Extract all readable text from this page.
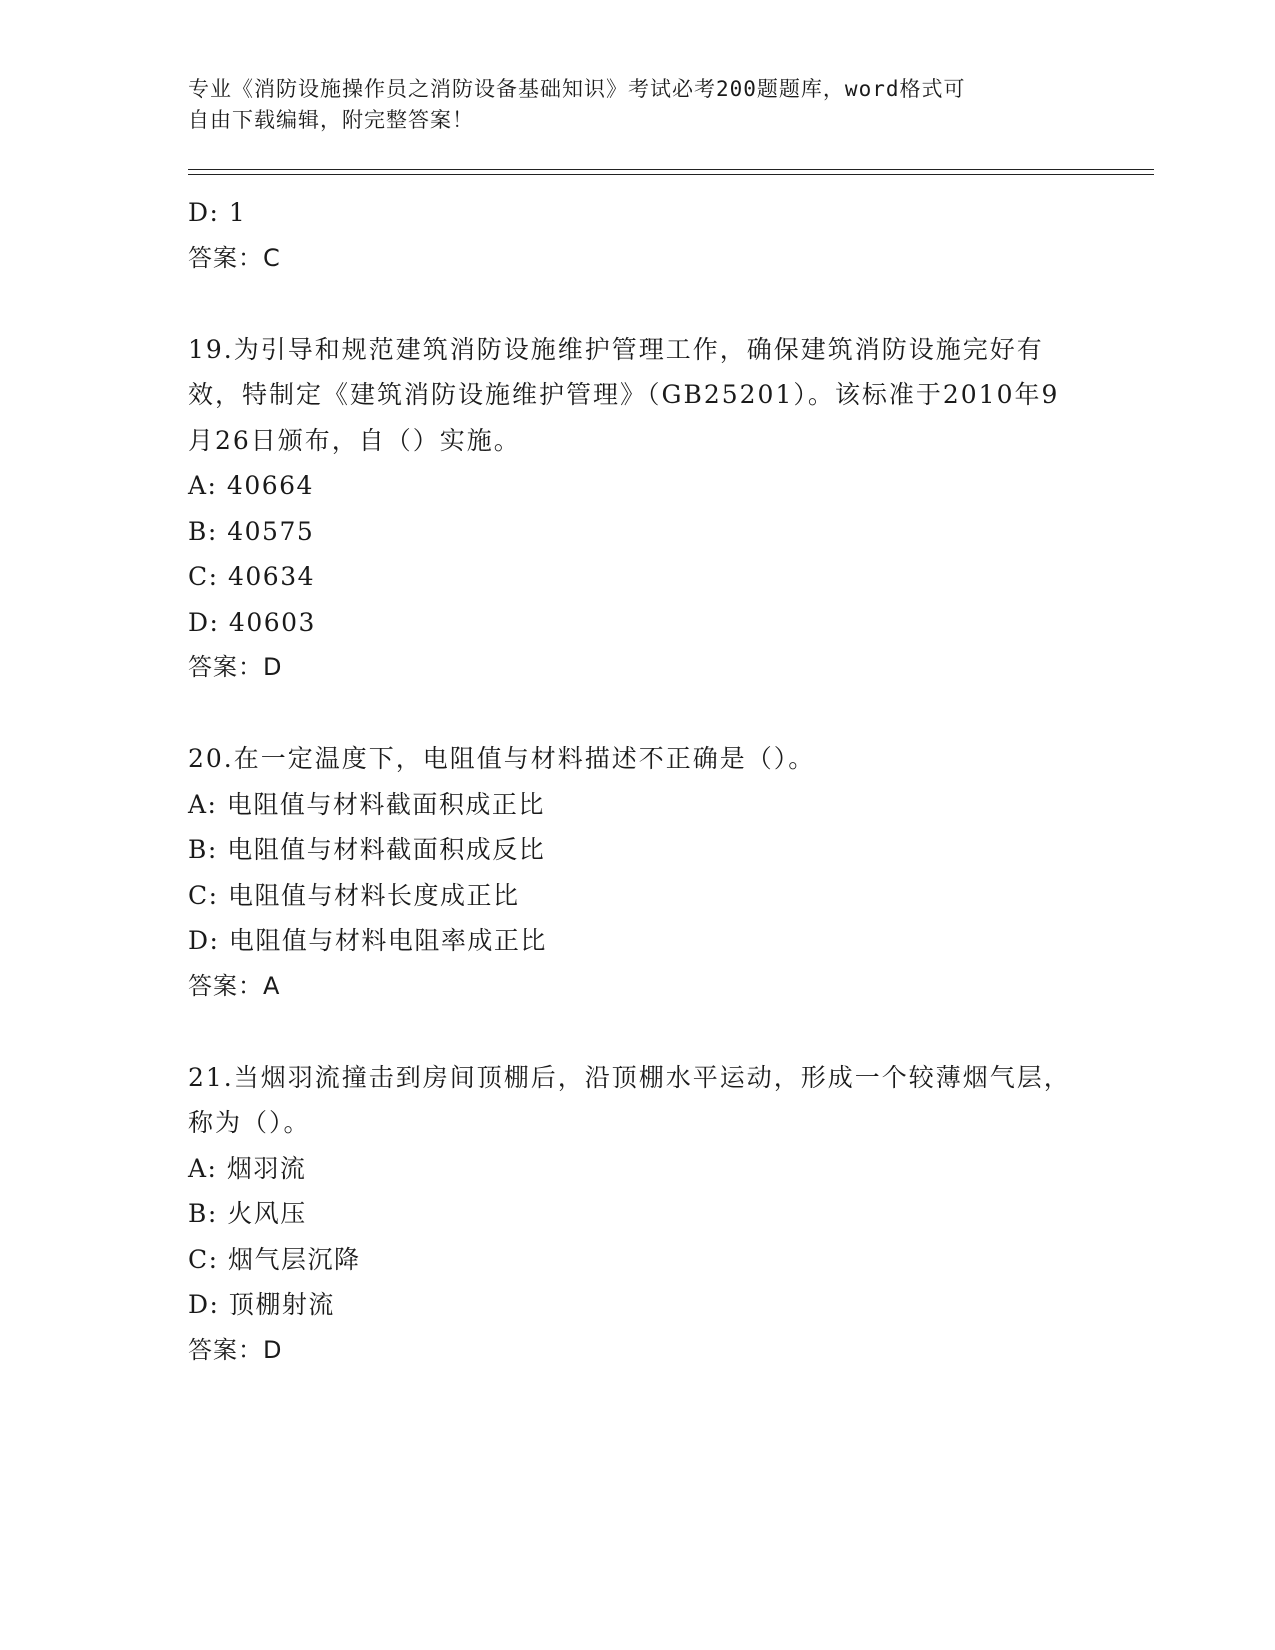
专业《消防设施操作员之消防设备基础知识》考试必考200题题库，word格式可
自由下载编辑，附完整答案！
D: 1
答案：C
19.为引导和规范建筑消防设施维护管理工作，确保建筑消防设施完好有效，特制定《建筑消防设施维护管理》（GB25201）。该标准于2010年9月26日颁布，自（）实施。
A: 40664
B: 40575
C: 40634
D: 40603
答案：D
20.在一定温度下，电阻值与材料描述不正确是（）。
A: 电阻值与材料截面积成正比
B: 电阻值与材料截面积成反比
C: 电阻值与材料长度成正比
D: 电阻值与材料电阻率成正比
答案：A
21.当烟羽流撞击到房间顶棚后，沿顶棚水平运动，形成一个较薄烟气层，称为（）。
A: 烟羽流
B: 火风压
C: 烟气层沉降
D: 顶棚射流
答案：D
